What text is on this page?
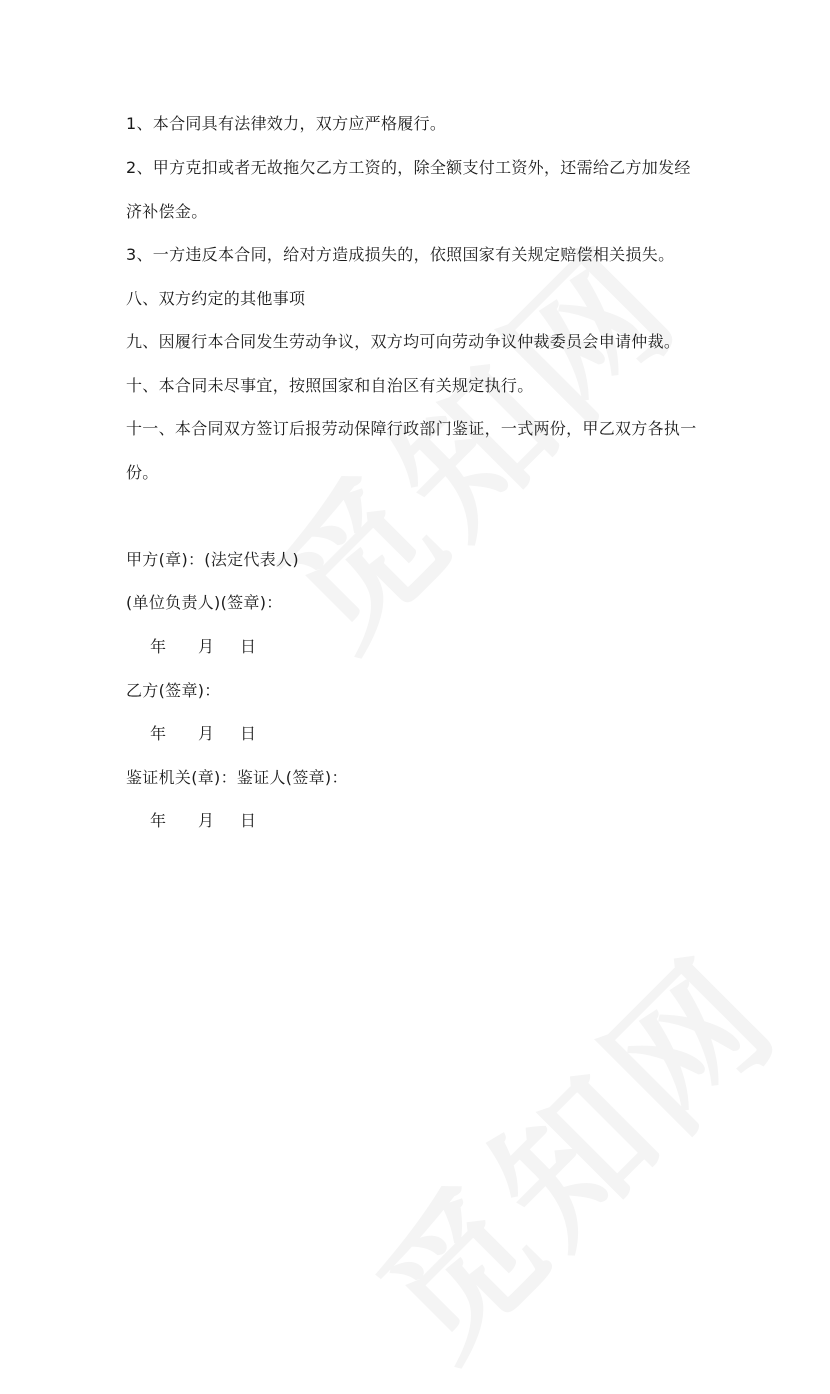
1、本合同具有法律效力，双方应严格履行。
2、甲方克扣或者无故拖欠乙方工资的，除全额支付工资外，还需给乙方加发经
济补偿金。
3、一方违反本合同，给对方造成损失的，依照国家有关规定赔偿相关损失。
八、双方约定的其他事项
九、因履行本合同发生劳动争议，双方均可向劳动争议仲裁委员会申请仲裁。
十、本合同未尽事宜，按照国家和自治区有关规定执行。
十一、本合同双方签订后报劳动保障行政部门鉴证，一式两份，甲乙双方各执一
份。
甲方(章)：(法定代表人)
(单位负责人)(签章)：
年 月 日
乙方(签章)：
年 月 日
鉴证机关(章)：鉴证人(签章)：
年 月 日
